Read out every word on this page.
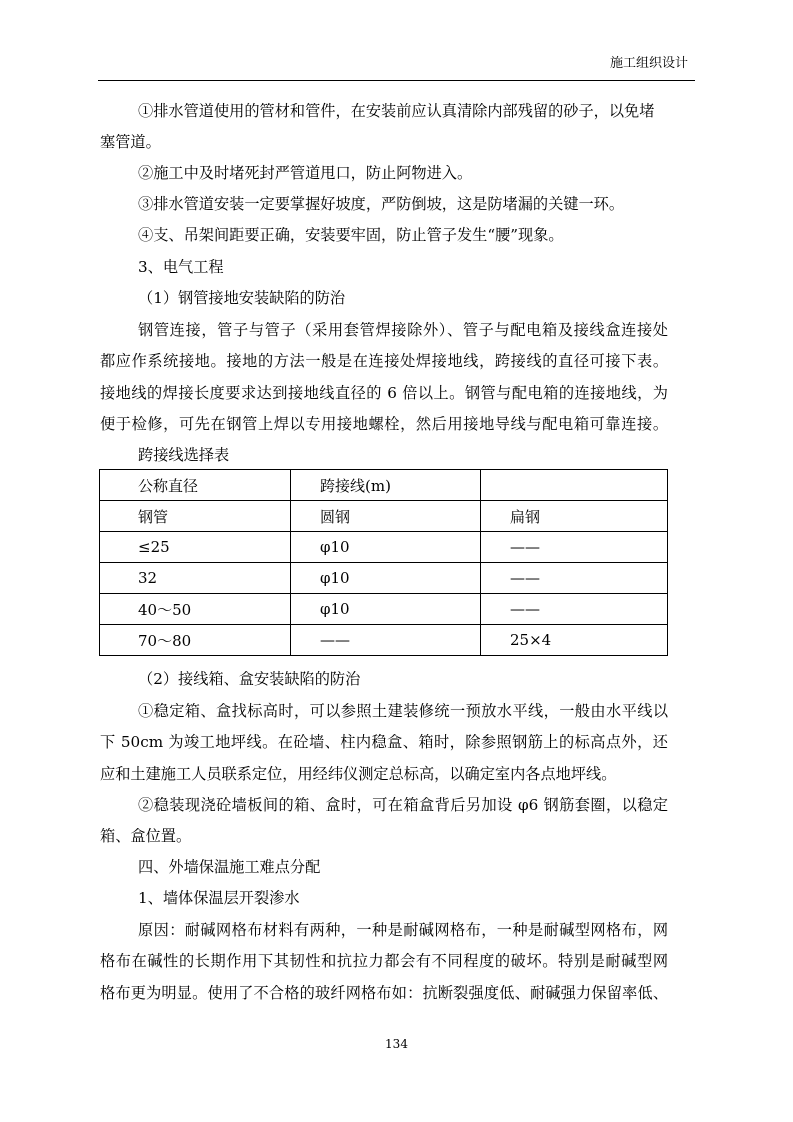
施工组织设计

①排水管道使用的管材和管件，在安装前应认真清除内部残留的砂子，以免堵

塞管道。

②施工中及时堵死封严管道甩口，防止阿物进入。

③排水管道安装一定要掌握好坡度，严防倒坡，这是防堵漏的关键一环。

④支、吊架间距要正确，安装要牢固，防止管子发生“腰”现象。

3、电气工程

（1）钢管接地安装缺陷的防治

钢管连接，管子与管子（采用套管焊接除外）、管子与配电箱及接线盒连接处

都应作系统接地。接地的方法一般是在连接处焊接地线，跨接线的直径可接下表。

接地线的焊接长度要求达到接地线直径的 6 倍以上。钢管与配电箱的连接地线，为

便于检修，可先在钢管上焊以专用接地螺栓，然后用接地导线与配电箱可靠连接。

跨接线选择表

公称直径	跨接线(m)	
钢管	圆钢	扁钢
≤25	φ10	——
32	φ10	——
40～50	φ10	——
70～80	——	25×4

（2）接线箱、盒安装缺陷的防治

①稳定箱、盒找标高时，可以参照土建装修统一预放水平线，一般由水平线以

下 50cm 为竣工地坪线。在砼墙、柱内稳盒、箱时，除参照钢筋上的标高点外，还

应和土建施工人员联系定位，用经纬仪测定总标高，以确定室内各点地坪线。

②稳装现浇砼墙板间的箱、盒时，可在箱盒背后另加设 φ6 钢筋套圈，以稳定

箱、盒位置。

四、外墙保温施工难点分配

1、墙体保温层开裂渗水

原因：耐碱网格布材料有两种，一种是耐碱网格布，一种是耐碱型网格布，网

格布在碱性的长期作用下其韧性和抗拉力都会有不同程度的破坏。特别是耐碱型网

格布更为明显。使用了不合格的玻纤网格布如：抗断裂强度低、耐碱强力保留率低、

134
